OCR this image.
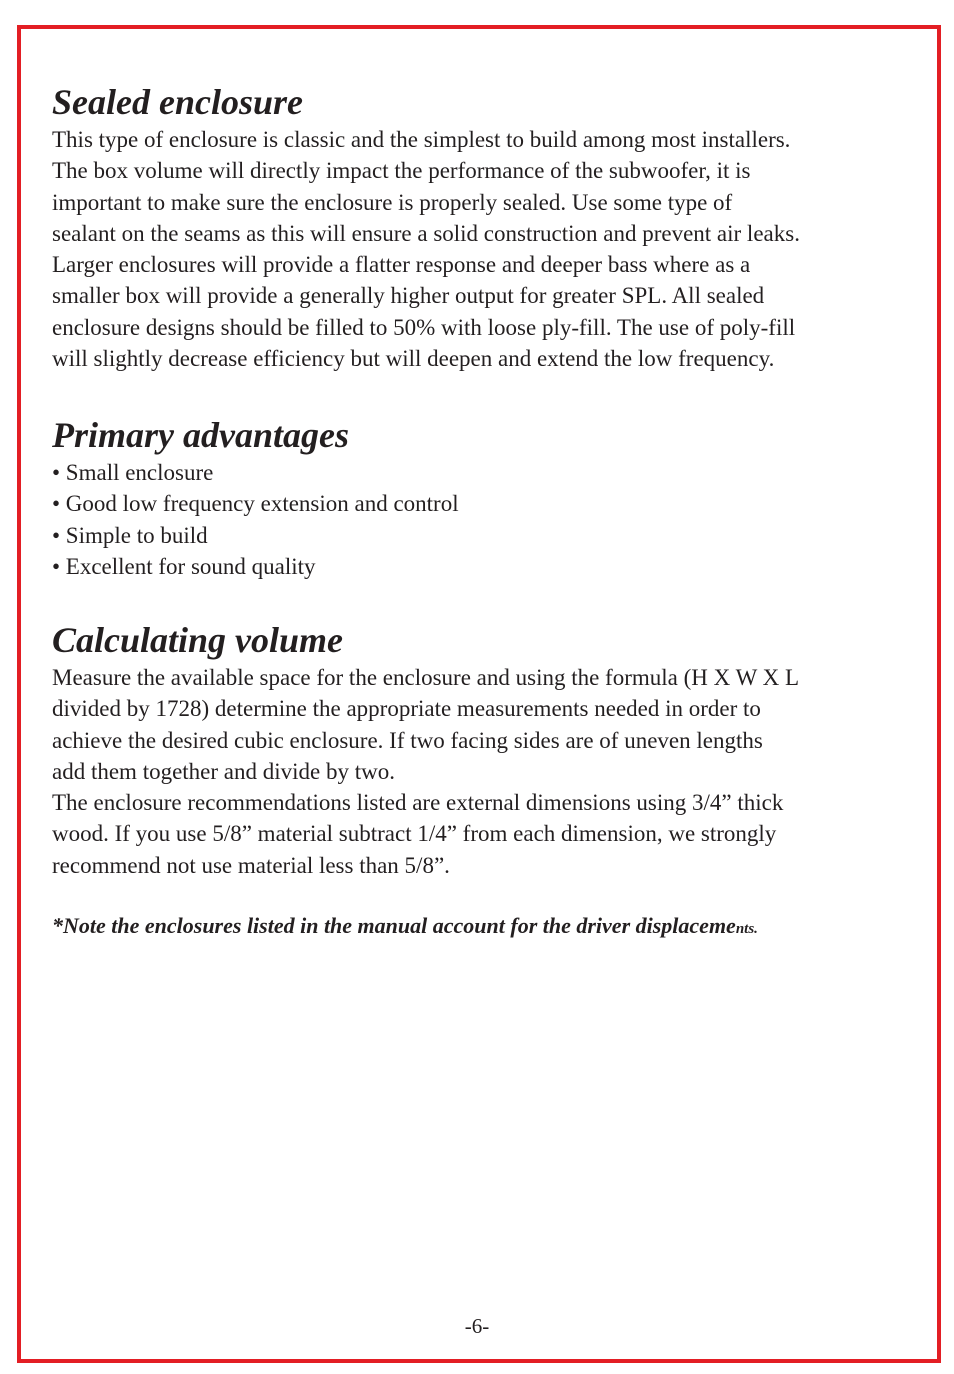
Sealed enclosure
This type of enclosure is classic and the simplest to build among most installers.
The box volume will directly impact the performance of the subwoofer, it is
important to make sure the enclosure is properly sealed. Use some type of
sealant on the seams as this will ensure a solid construction and prevent air leaks.
Larger enclosures will provide a flatter response and deeper bass where as a
smaller box will provide a generally higher output for greater SPL. All sealed
enclosure designs should be filled to 50% with loose ply-fill. The use of poly-fill
will slightly decrease efficiency but will deepen and extend the low frequency.
Primary advantages
• Small enclosure
• Good low frequency extension and control
• Simple to build
• Excellent for sound quality
Calculating volume
Measure the available space for the enclosure and using the formula (H X W X L
divided by 1728) determine the appropriate measurements needed in order to
achieve the desired cubic enclosure. If two facing sides are of uneven lengths
add them together and divide by two.
The enclosure recommendations listed are external dimensions using 3/4” thick
wood. If you use 5/8” material subtract 1/4” from each dimension, we strongly
recommend not use material less than 5/8”.
*Note the enclosures listed in the manual account for the driver displacements.
-6-
